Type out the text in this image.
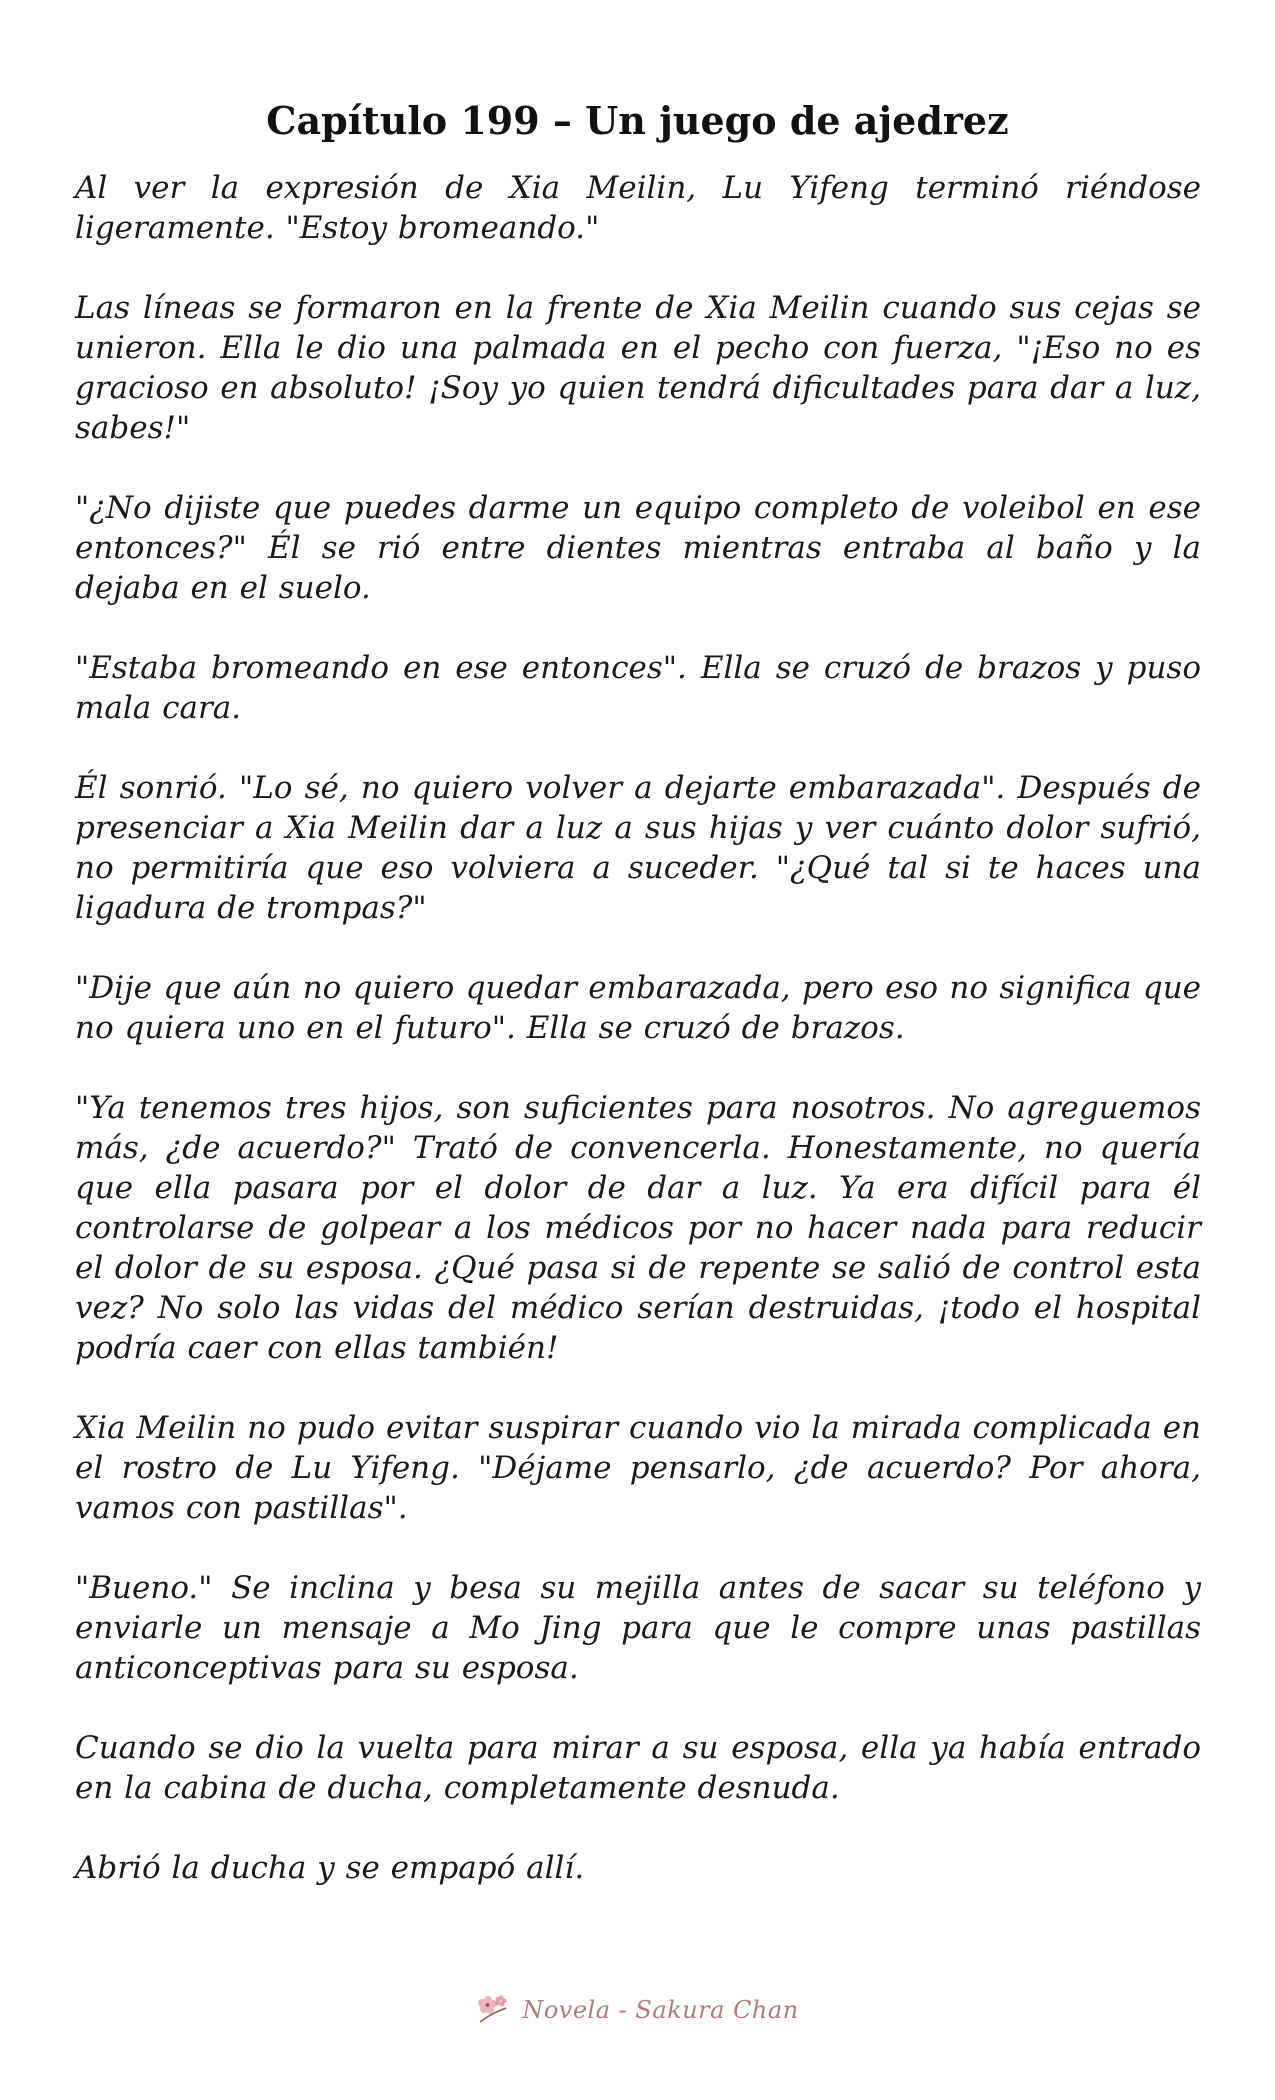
Capítulo 199 – Un juego de ajedrez

Al ver la expresión de Xia Meilin, Lu Yifeng terminó riéndose ligeramente. "Estoy bromeando."

Las líneas se formaron en la frente de Xia Meilin cuando sus cejas se unieron. Ella le dio una palmada en el pecho con fuerza, "¡Eso no es gracioso en absoluto! ¡Soy yo quien tendrá dificultades para dar a luz, sabes!"

"¿No dijiste que puedes darme un equipo completo de voleibol en ese entonces?" Él se rió entre dientes mientras entraba al baño y la dejaba en el suelo.

"Estaba bromeando en ese entonces". Ella se cruzó de brazos y puso mala cara.

Él sonrió. "Lo sé, no quiero volver a dejarte embarazada". Después de presenciar a Xia Meilin dar a luz a sus hijas y ver cuánto dolor sufrió, no permitiría que eso volviera a suceder. "¿Qué tal si te haces una ligadura de trompas?"

"Dije que aún no quiero quedar embarazada, pero eso no significa que no quiera uno en el futuro". Ella se cruzó de brazos.

"Ya tenemos tres hijos, son suficientes para nosotros. No agreguemos más, ¿de acuerdo?" Trató de convencerla. Honestamente, no quería que ella pasara por el dolor de dar a luz. Ya era difícil para él controlarse de golpear a los médicos por no hacer nada para reducir el dolor de su esposa. ¿Qué pasa si de repente se salió de control esta vez? No solo las vidas del médico serían destruidas, ¡todo el hospital podría caer con ellas también!

Xia Meilin no pudo evitar suspirar cuando vio la mirada complicada en el rostro de Lu Yifeng. "Déjame pensarlo, ¿de acuerdo? Por ahora, vamos con pastillas".

"Bueno." Se inclina y besa su mejilla antes de sacar su teléfono y enviarle un mensaje a Mo Jing para que le compre unas pastillas anticonceptivas para su esposa.

Cuando se dio la vuelta para mirar a su esposa, ella ya había entrado en la cabina de ducha, completamente desnuda.

Abrió la ducha y se empapó allí.

Novela - Sakura Chan
